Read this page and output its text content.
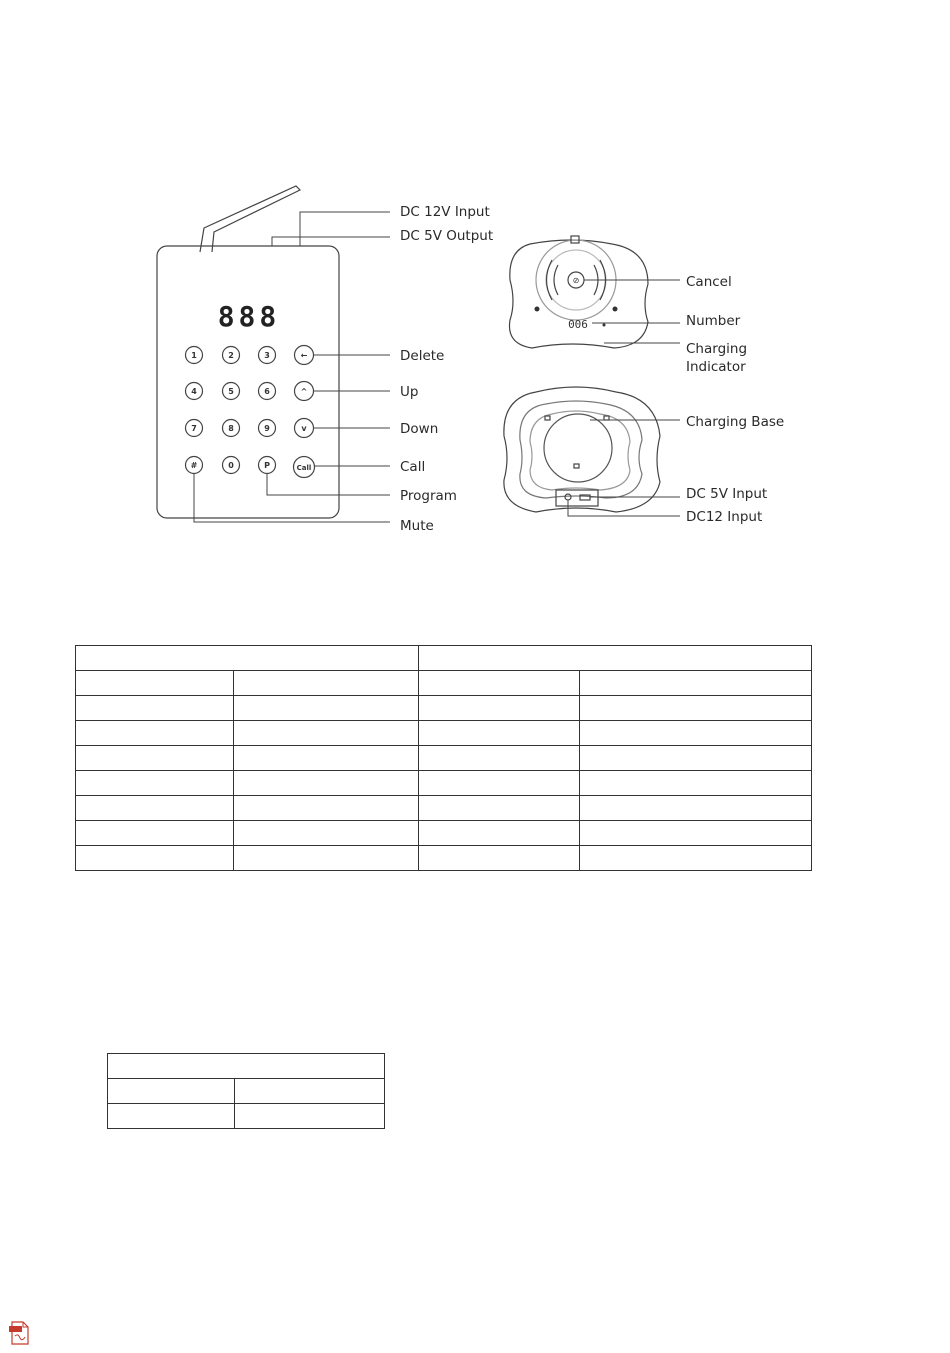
888
1	2	3	←
4	5	6	^
7	8	9	v
#	0	P	Call
DC 12V Input
DC 5V Output
Delete
Up
Down
Call
Program
Mute
⊘
006
Cancel
Number
Charging
Indicator
Charging Base
DC 5V Input
DC12 Input
